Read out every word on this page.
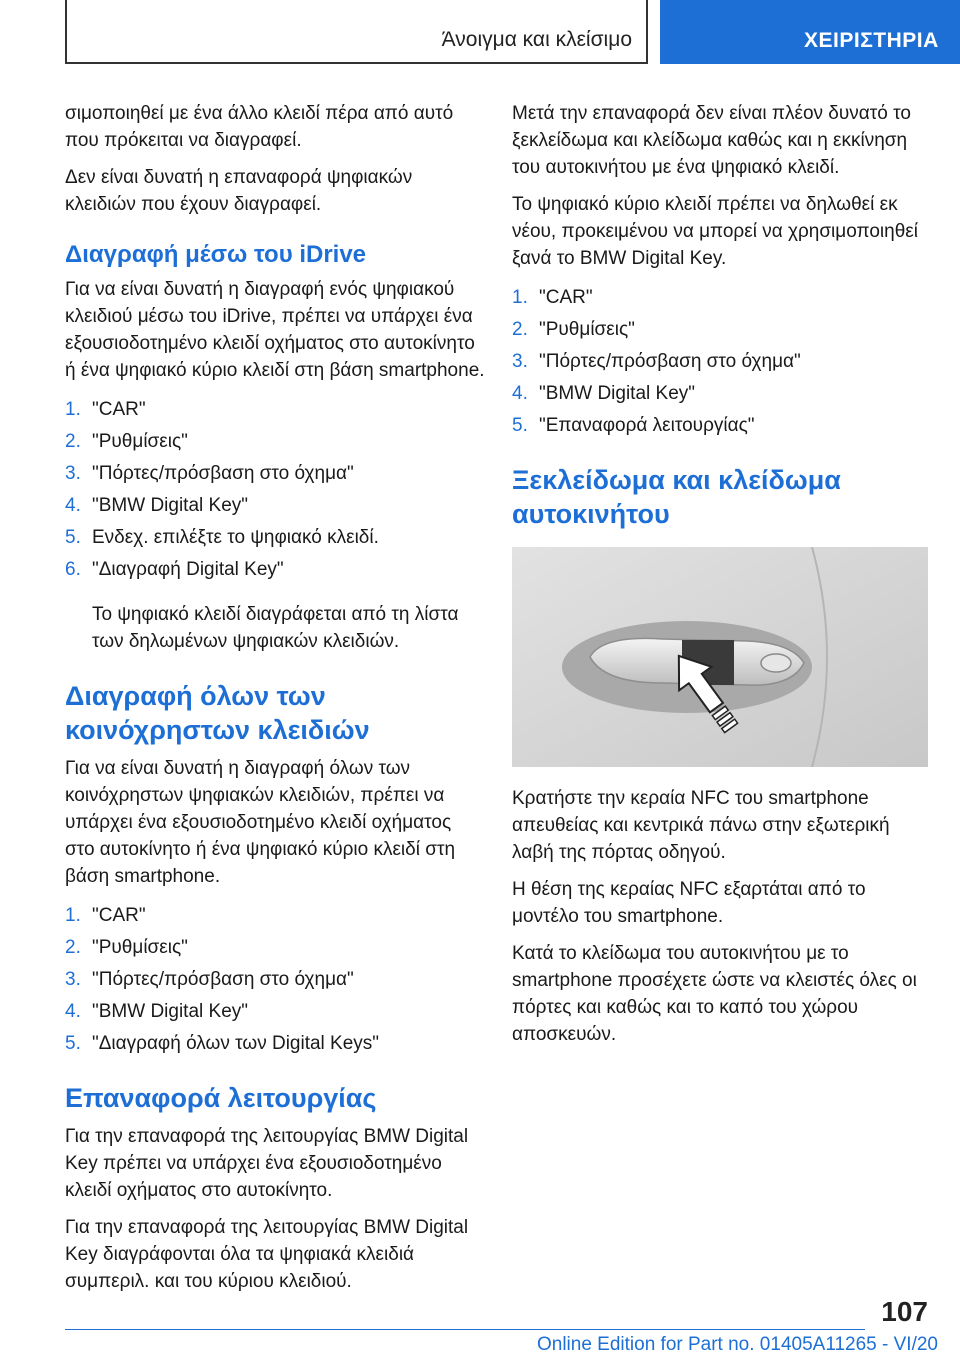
Άνοιγμα και κλείσιμο	ΧΕΙΡΙΣΤΗΡΙΑ

σιμοποιηθεί με ένα άλλο κλειδί πέρα από αυτό που πρόκειται να διαγραφεί.

Δεν είναι δυνατή η επαναφορά ψηφιακών κλειδιών που έχουν διαγραφεί.

Διαγραφή μέσω του iDrive

Για να είναι δυνατή η διαγραφή ενός ψηφιακού κλειδιού μέσω του iDrive, πρέπει να υπάρχει ένα εξουσιοδοτημένο κλειδί οχήματος στο αυτοκίνητο ή ένα ψηφιακό κύριο κλειδί στη βάση smartphone.

1. "CAR"
2. "Ρυθμίσεις"
3. "Πόρτες/πρόσβαση στο όχημα"
4. "BMW Digital Key"
5. Ενδεχ. επιλέξτε το ψηφιακό κλειδί.
6. "Διαγραφή Digital Key"

Το ψηφιακό κλειδί διαγράφεται από τη λίστα των δηλωμένων ψηφιακών κλειδιών.

Διαγραφή όλων των κοινόχρηστων κλειδιών

Για να είναι δυνατή η διαγραφή όλων των κοινόχρηστων ψηφιακών κλειδιών, πρέπει να υπάρχει ένα εξουσιοδοτημένο κλειδί οχήματος στο αυτοκίνητο ή ένα ψηφιακό κύριο κλειδί στη βάση smartphone.

1. "CAR"
2. "Ρυθμίσεις"
3. "Πόρτες/πρόσβαση στο όχημα"
4. "BMW Digital Key"
5. "Διαγραφή όλων των Digital Keys"
Επαναφορά λειτουργίας

Για την επαναφορά της λειτουργίας BMW Digital Key πρέπει να υπάρχει ένα εξουσιοδοτημένο κλειδί οχήματος στο αυτοκίνητο.

Για την επαναφορά της λειτουργίας BMW Digital Key διαγράφονται όλα τα ψηφιακά κλειδιά συμπεριλ. και του κύριου κλειδιού.

Μετά την επαναφορά δεν είναι πλέον δυνατό το ξεκλείδωμα και κλείδωμα καθώς και η εκκίνηση του αυτοκινήτου με ένα ψηφιακό κλειδί.

Το ψηφιακό κύριο κλειδί πρέπει να δηλωθεί εκ νέου, προκειμένου να μπορεί να χρησιμοποιηθεί ξανά το BMW Digital Key.

1. "CAR"
2. "Ρυθμίσεις"
3. "Πόρτες/πρόσβαση στο όχημα"
4. "BMW Digital Key"
5. "Επαναφορά λειτουργίας"
Ξεκλείδωμα και κλείδωμα αυτοκινήτου

Κρατήστε την κεραία NFC του smartphone απευθείας και κεντρικά πάνω στην εξωτερική λαβή της πόρτας οδηγού.

Η θέση της κεραίας NFC εξαρτάται από το μοντέλο του smartphone.

Κατά το κλείδωμα του αυτοκινήτου με το smartphone προσέχετε ώστε να κλειστές όλες οι πόρτες και καθώς και το καπό του χώρου αποσκευών.

107
Online Edition for Part no. 01405A11265 - VI/20
